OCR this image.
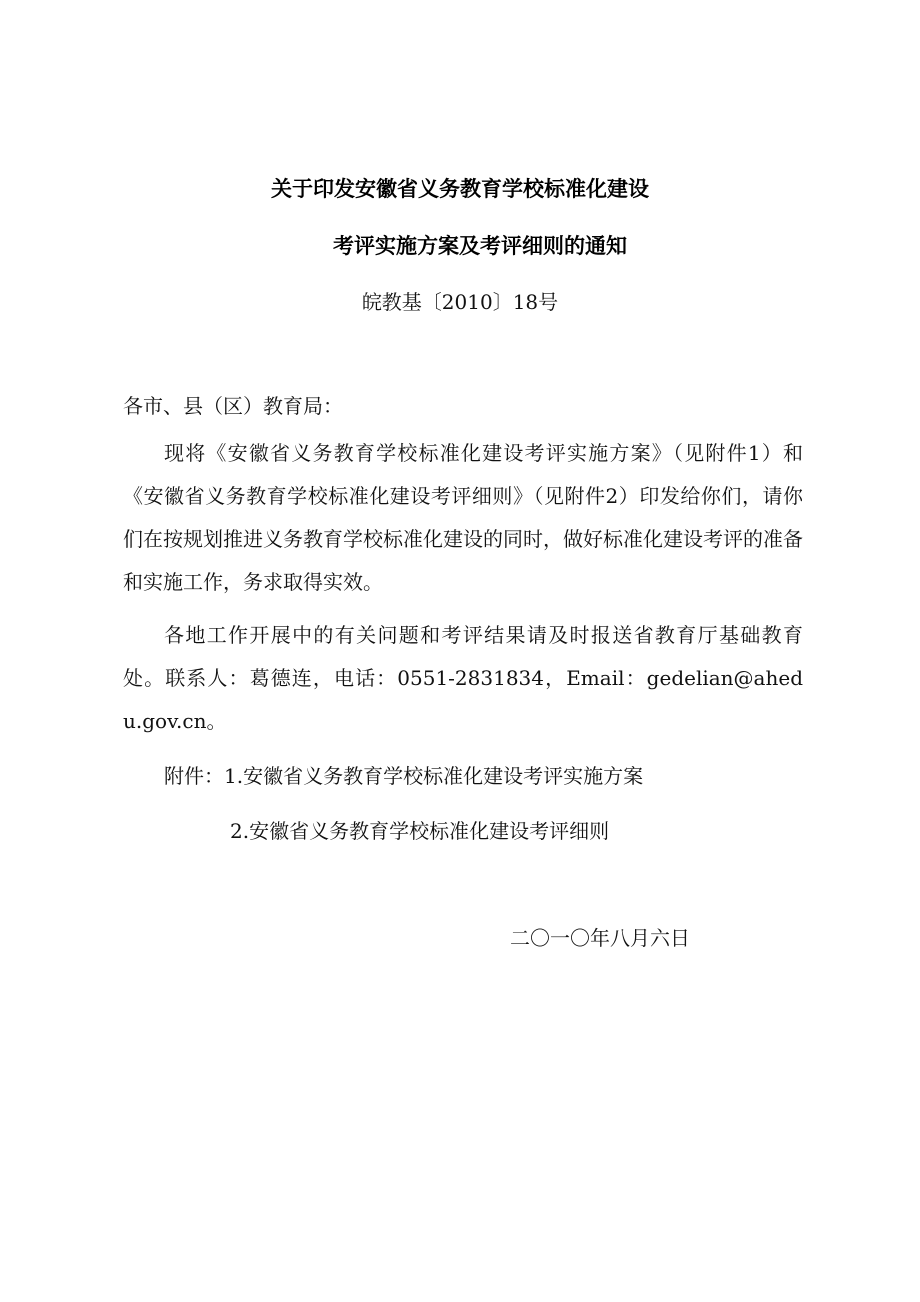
关于印发安徽省义务教育学校标准化建设
考评实施方案及考评细则的通知
皖教基〔2010〕18号
各市、县（区）教育局：
现将《安徽省义务教育学校标准化建设考评实施方案》（见附件1）和《安徽省义务教育学校标准化建设考评细则》（见附件2）印发给你们，请你们在按规划推进义务教育学校标准化建设的同时，做好标准化建设考评的准备和实施工作，务求取得实效。
各地工作开展中的有关问题和考评结果请及时报送省教育厅基础教育处。联系人：葛德连，电话：0551-2831834，Email：gedelian@ahedu.gov.cn。
附件：1.安徽省义务教育学校标准化建设考评实施方案
2.安徽省义务教育学校标准化建设考评细则
二〇一〇年八月六日
